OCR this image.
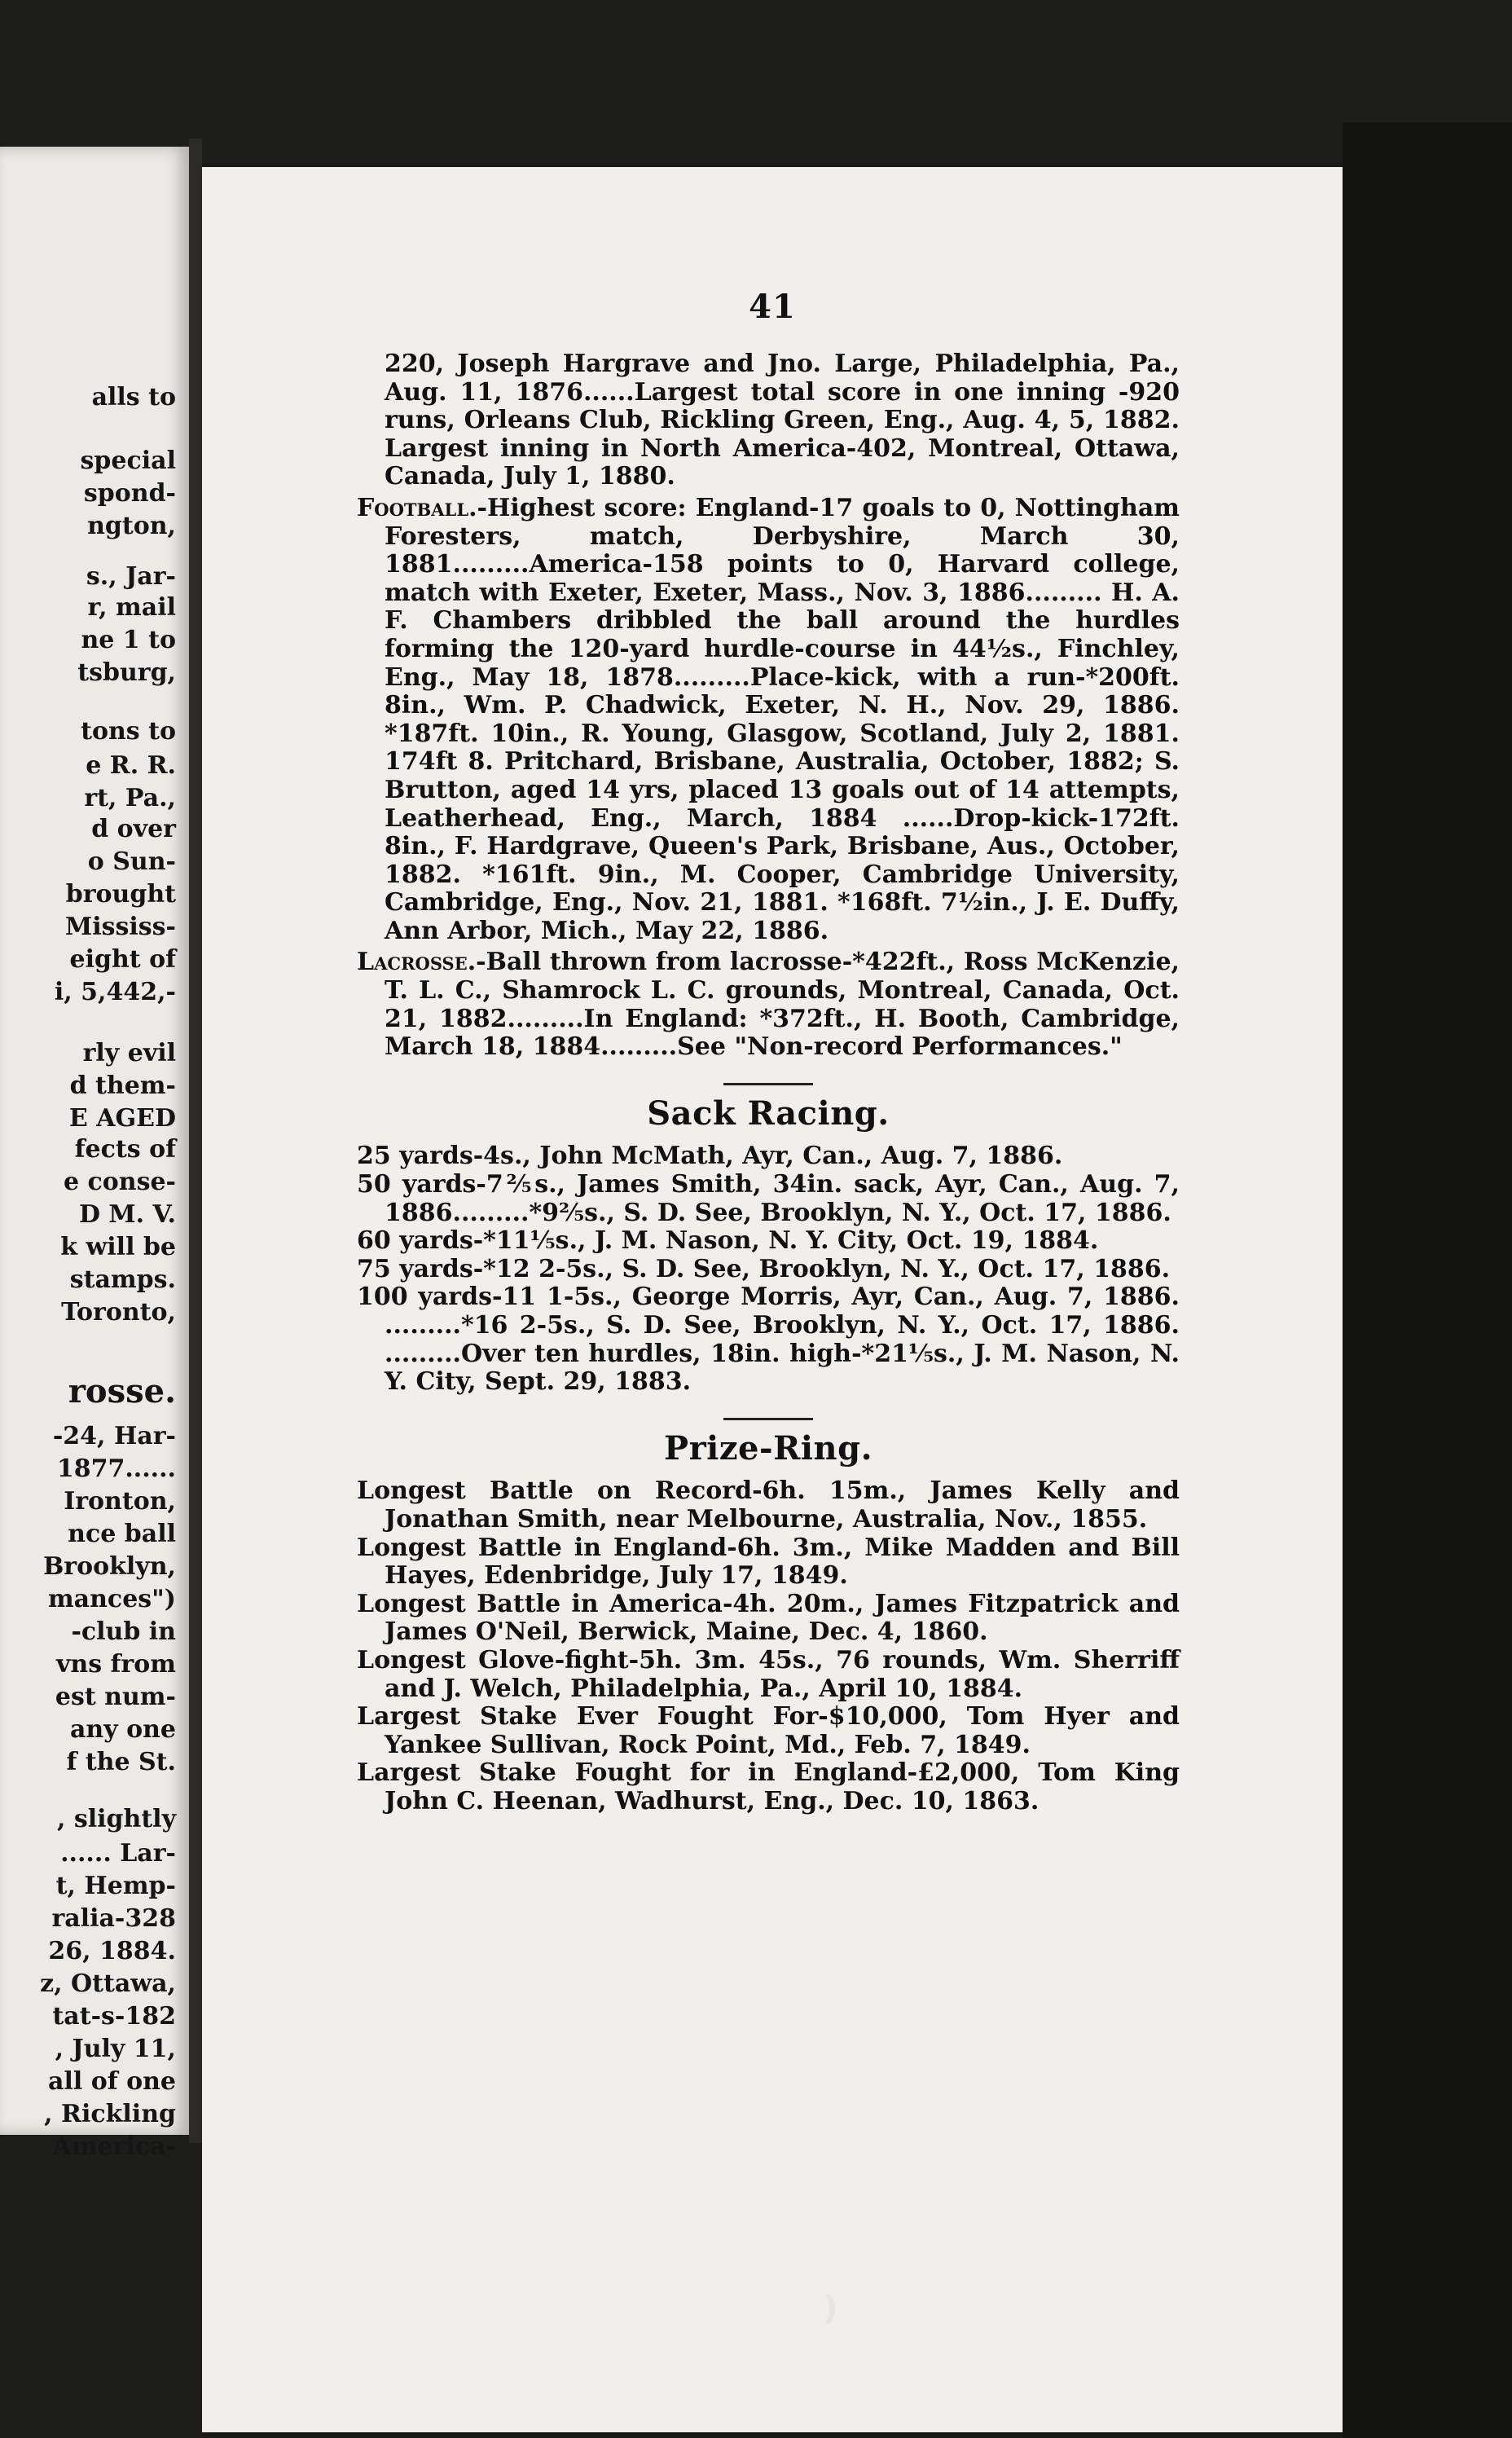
alls to
special
spond-
ngton,
s., Jar-
r, mail
ne 1 to
tsburg,
tons to
e R. R.
rt, Pa.,
d over
o Sun-
brought
Mississ-
eight of
i, 5,442,-
rly evil
d them-
E AGED
fects of
e conse-
D M. V.
k will be
stamps.
Toronto,
rosse.
-24, Har-
1877......
Ironton,
nce ball
Brooklyn,
mances")
-club in
vns from
est num-
any one
f the St.
, slightly
...... Lar-
t, Hemp-
ralia-328
26, 1884.
z, Ottawa,
tat-s-182
, July 11,
all of one
, Rickling
America-
41

220, Joseph Hargrave and Jno. Large, Philadelphia, Pa., Aug. 11, 1876......Largest total score in one inning -920 runs, Orleans Club, Rickling Green, Eng., Aug. 4, 5, 1882. Largest inning in North America-402, Montreal, Ottawa, Canada, July 1, 1880.

Football.-Highest score: England-17 goals to 0, Nottingham Foresters, match, Derbyshire, March 30, 1881.........America-158 points to 0, Harvard college, match with Exeter, Exeter, Mass., Nov. 3, 1886......... H. A. F. Chambers dribbled the ball around the hurdles forming the 120-yard hurdle-course in 44½s., Finchley, Eng., May 18, 1878.........Place-kick, with a run-*200ft. 8in., Wm. P. Chadwick, Exeter, N. H., Nov. 29, 1886. *187ft. 10in., R. Young, Glasgow, Scotland, July 2, 1881. 174ft 8. Pritchard, Brisbane, Australia, October, 1882; S. Brutton, aged 14 yrs, placed 13 goals out of 14 attempts, Leatherhead, Eng., March, 1884 ......Drop-kick-172ft. 8in., F. Hardgrave, Queen's Park, Brisbane, Aus., October, 1882. *161ft. 9in., M. Cooper, Cambridge University, Cambridge, Eng., Nov. 21, 1881. *168ft. 7½in., J. E. Duffy, Ann Arbor, Mich., May 22, 1886.

Lacrosse.-Ball thrown from lacrosse-*422ft., Ross McKenzie, T. L. C., Shamrock L. C. grounds, Montreal, Canada, Oct. 21, 1882.........In England: *372ft., H. Booth, Cambridge, March 18, 1884.........See "Non-record Performances."

Sack Racing.

25 yards-4s., John McMath, Ayr, Can., Aug. 7, 1886.

50 yards-7⅖s., James Smith, 34in. sack, Ayr, Can., Aug. 7, 1886.........*9⅖s., S. D. See, Brooklyn, N. Y., Oct. 17, 1886.

60 yards-*11⅕s., J. M. Nason, N. Y. City, Oct. 19, 1884.

75 yards-*12 2-5s., S. D. See, Brooklyn, N. Y., Oct. 17, 1886.

100 yards-11 1-5s., George Morris, Ayr, Can., Aug. 7, 1886. .........*16 2-5s., S. D. See, Brooklyn, N. Y., Oct. 17, 1886. .........Over ten hurdles, 18in. high-*21⅕s., J. M. Nason, N. Y. City, Sept. 29, 1883.

Prize-Ring.

Longest Battle on Record-6h. 15m., James Kelly and Jonathan Smith, near Melbourne, Australia, Nov., 1855.

Longest Battle in England-6h. 3m., Mike Madden and Bill Hayes, Edenbridge, July 17, 1849.

Longest Battle in America-4h. 20m., James Fitzpatrick and James O'Neil, Berwick, Maine, Dec. 4, 1860.

Longest Glove-fight-5h. 3m. 45s., 76 rounds, Wm. Sherriff and J. Welch, Philadelphia, Pa., April 10, 1884.

Largest Stake Ever Fought For-$10,000, Tom Hyer and Yankee Sullivan, Rock Point, Md., Feb. 7, 1849.

Largest Stake Fought for in England-£2,000, Tom King John C. Heenan, Wadhurst, Eng., Dec. 10, 1863.

)
